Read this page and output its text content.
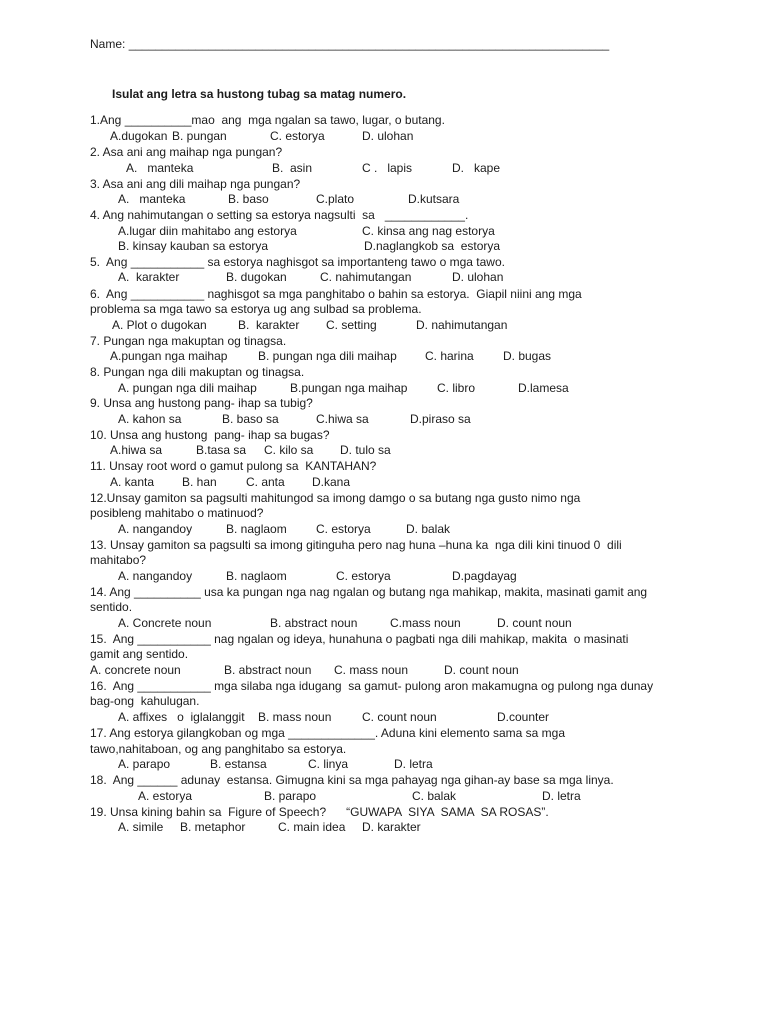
Name: ________________________________________________________________________
Isulat ang letra sa hustong tubag sa matag numero.
1.Ang __________mao  ang  mga ngalan sa tawo, lugar, o butang.
A.dugokan B. pungan	C. estorya	D. ulohan
2. Asa ani ang maihap nga pungan?
A.   manteka	B.  asin	C .   lapis	D.   kape
3. Asa ani ang dili maihap nga pungan?
A.   manteka	B. baso	C.plato	D.kutsara
4. Ang nahimutangan o setting sa estorya nagsulti  sa   ____________.
A.lugar diin mahitabo ang estorya	C. kinsa ang nag estorya
B. kinsay kauban sa estorya	D.naglangkob sa  estorya
5.  Ang ___________ sa estorya naghisgot sa importanteng tawo o mga tawo.
A.  karakter	B. dugokan	C. nahimutangan	D. ulohan
6.  Ang ___________ naghisgot sa mga panghitabo o bahin sa estorya.  Giapil niini ang mga
problema sa mga tawo sa estorya ug ang sulbad sa problema.
A. Plot o dugokan	B.  karakter C. setting	D. nahimutangan
7. Pungan nga makuptan og tinagsa.
A.pungan nga maihap	B. pungan nga dili maihap C. harina D. bugas
8. Pungan nga dili makuptan og tinagsa.
A. pungan nga dili maihap	B.pungan nga maihap C. libro	D.lamesa
9. Unsa ang hustong pang- ihap sa tubig?
A. kahon sa	B. baso sa	C.hiwa sa	D.piraso sa
10. Unsa ang hustong  pang- ihap sa bugas?
A.hiwa sa	B.tasa sa C. kilo sa D. tulo sa
11. Unsay root word o gamut pulong sa  KANTAHAN?
A. kanta B. han C. anta D.kana
12.Unsay gamiton sa pagsulti mahitungod sa imong damgo o sa butang nga gusto nimo nga
posibleng mahitabo o matinuod?
A. nangandoy	B. naglaom C. estorya	D. balak
13. Unsay gamiton sa pagsulti sa imong gitinguha pero nag huna –huna ka  nga dili kini tinuod 0  dili
mahitabo?
A. nangandoy	B. naglaom	C. estorya	D.pagdayag
14. Ang __________ usa ka pungan nga nag ngalan og butang nga mahikap, makita, masinati gamit ang
sentido.
A. Concrete noun	B. abstract noun	C.mass noun	D. count noun
15.  Ang ___________ nag ngalan og ideya, hunahuna o pagbati nga dili mahikap, makita  o masinati
gamit ang sentido.
A. concrete noun	B. abstract noun C. mass noun	D. count noun
16.  Ang ___________ mga silaba nga idugang  sa gamut- pulong aron makamugna og pulong nga dunay
bag-ong  kahulugan.
A. affixes   o  iglalanggit B. mass noun	C. count noun	D.counter
17. Ang estorya gilangkoban og mga _____________. Aduna kini elemento sama sa mga
tawo,nahitaboan, og ang panghitabo sa estorya.
A. parapo	B. estansa	C. linya	D. letra
18.  Ang ______ adunay  estansa. Gimugna kini sa mga pahayag nga gihan-ay base sa mga linya.
A. estorya	B. parapo	C. balak	D. letra
19. Unsa kining bahin sa  Figure of Speech?      “GUWAPA  SIYA  SAMA  SA ROSAS”.
A. simile B. metaphor	C. main idea D. karakter
